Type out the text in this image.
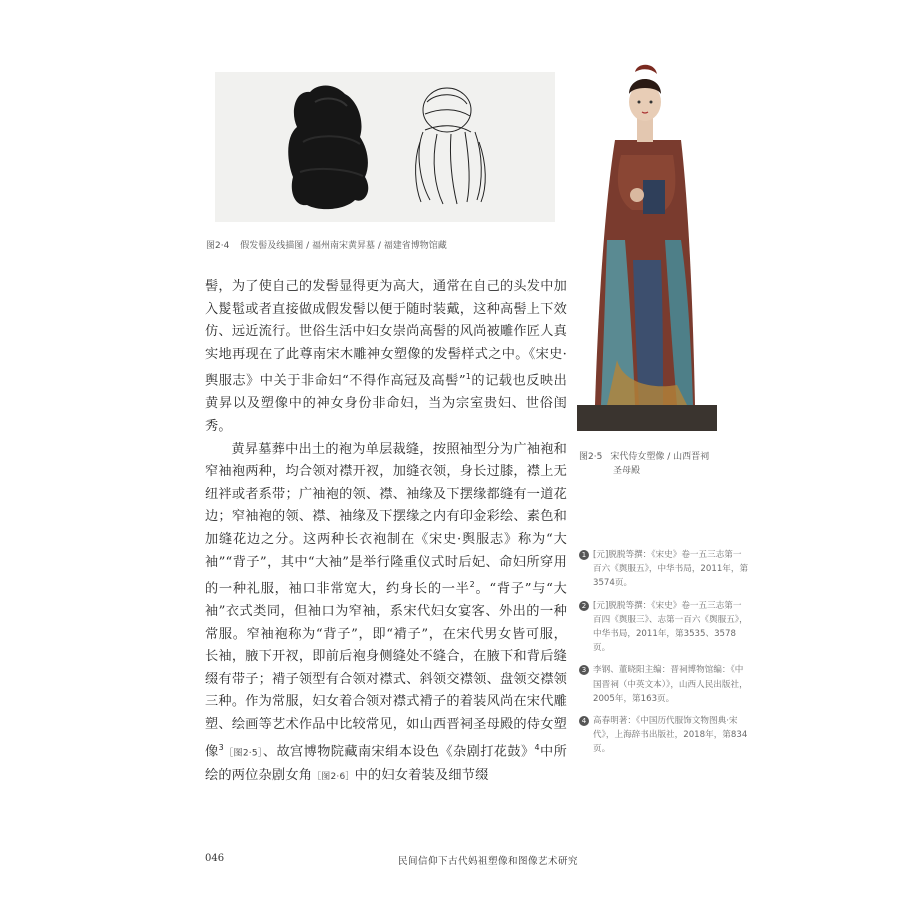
图2·4 假发髻及线描图 / 福州南宋黄昇墓 / 福建省博物馆藏
图2·5 宋代侍女塑像 / 山西晋祠
圣母殿

髻，为了使自己的发髻显得更为高大，通常在自己的头发中加入髲髢或者直接做成假发髻以便于随时装戴，这种高髻上下效仿、远近流行。世俗生活中妇女崇尚高髻的风尚被雕作匠人真实地再现在了此尊南宋木雕神女塑像的发髻样式之中。《宋史·舆服志》中关于非命妇“不得作高冠及高髻”$^1$的记载也反映出黄昇以及塑像中的神女身份非命妇，当为宗室贵妇、世俗闺秀。

黄昇墓葬中出土的袍为单层裁缝，按照袖型分为广袖袍和窄袖袍两种，均合领对襟开衩，加缝衣领，身长过膝，襟上无纽袢或者系带；广袖袍的领、襟、袖缘及下摆缘都缝有一道花边；窄袖袍的领、襟、袖缘及下摆缘之内有印金彩绘、素色和加缝花边之分。这两种长衣袍制在《宋史·舆服志》称为“大袖”“背子”，其中“大袖”是举行隆重仪式时后妃、命妇所穿用的一种礼服，袖口非常宽大，约身长的一半$^2$。“背子”与“大袖”衣式类同，但袖口为窄袖，系宋代妇女宴客、外出的一种常服。窄袖袍称为“背子”，即“褙子”，在宋代男女皆可服，长袖，腋下开衩，即前后袍身侧缝处不缝合，在腋下和背后缝缀有带子；褙子领型有合领对襟式、斜领交襟领、盘领交襟领三种。作为常服，妇女着合领对襟式褙子的着装风尚在宋代雕塑、绘画等艺术作品中比较常见，如山西晋祠圣母殿的侍女塑像$^3$［图2·5］、故宫博物院藏南宋绢本设色《杂剧打花鼓》$^4$中所绘的两位杂剧女角［图2·6］中的妇女着装及细节缀

1 [元]脱脱等撰：《宋史》卷一五三志第一百六《舆服五》，中华书局，2011年，第3574页。
2 [元]脱脱等撰：《宋史》卷一五三志第一百四《舆服三》、志第一百六《舆服五》，中华书局，2011年，第3535、3578页。
3 李钢、董晓阳主编：晋祠博物馆编：《中国晋祠（中英文本）》，山西人民出版社，2005年，第163页。
4 高春明著：《中国历代服饰文物图典·宋代》，上海辞书出版社，2018年，第834页。
046	民间信仰下古代妈祖塑像和图像艺术研究
